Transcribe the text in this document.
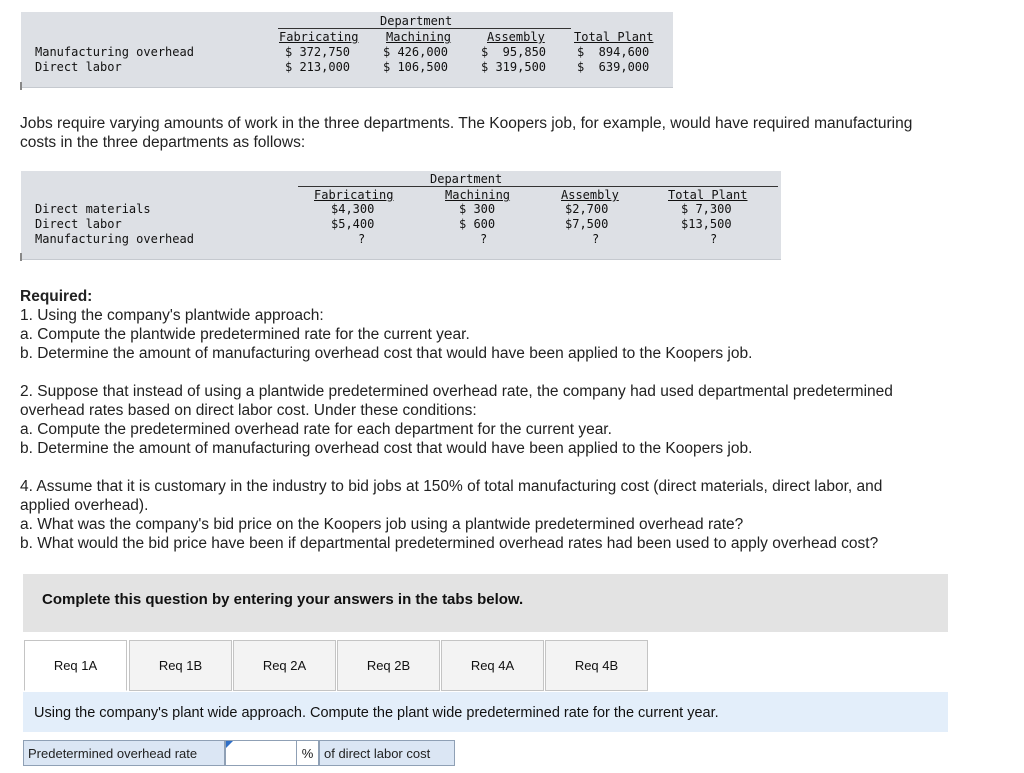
Department
Fabricating Machining	Assembly Total Plant
Manufacturing overhead	$ 372,750	$ 426,000	$  95,850	$  894,600
Direct labor	$ 213,000	$ 106,500	$ 319,500	$  639,000
Jobs require varying amounts of work in the three departments. The Koopers job, for example, would have required manufacturing
costs in the three departments as follows:
Department
Fabricating	Machining	Assembly	Total Plant
Direct materials	$4,300	$ 300	$2,700	$ 7,300
Direct labor	$5,400	$ 600	$7,500	$13,500
Manufacturing overhead	?	?	?	?
Required:
1. Using the company's plantwide approach:
a. Compute the plantwide predetermined rate for the current year.
b. Determine the amount of manufacturing overhead cost that would have been applied to the Koopers job.
2. Suppose that instead of using a plantwide predetermined overhead rate, the company had used departmental predetermined
overhead rates based on direct labor cost. Under these conditions:
a. Compute the predetermined overhead rate for each department for the current year.
b. Determine the amount of manufacturing overhead cost that would have been applied to the Koopers job.
4. Assume that it is customary in the industry to bid jobs at 150% of total manufacturing cost (direct materials, direct labor, and
applied overhead).
a. What was the company's bid price on the Koopers job using a plantwide predetermined overhead rate?
b. What would the bid price have been if departmental predetermined overhead rates had been used to apply overhead cost?
Complete this question by entering your answers in the tabs below.
Req 1A	Req 1B	Req 2A	Req 2B	Req 4A	Req 4B
Using the company's plant wide approach. Compute the plant wide predetermined rate for the current year.
Predetermined overhead rate	% of direct labor cost
